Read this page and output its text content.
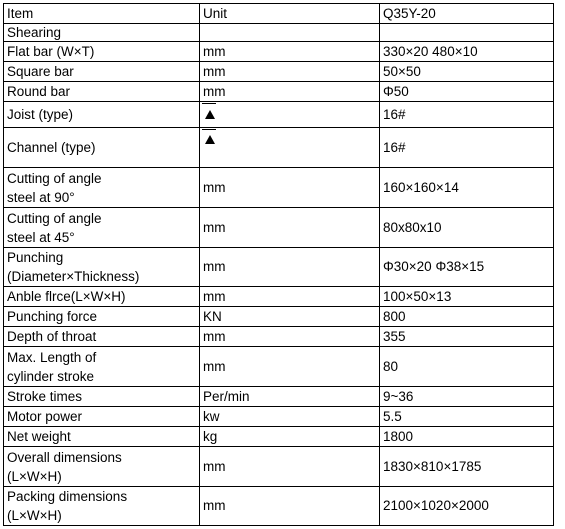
Item	Unit	Q35Y-20

Shearing		

Flat bar (W×T)	mm	330×20 480×10

Square bar	mm	50×50

Round bar	mm	Φ50

Joist (type)		16#

Channel (type)		16#

Cutting of angle
steel at 90°	mm	160×160×14

Cutting of angle
steel at 45°	mm	80x80x10

Punching
(Diameter×Thickness)	mm	Φ30×20 Φ38×15

Anble flrce(L×W×H)	mm	100×50×13

Punching force	KN	800

Depth of throat	mm	355

Max. Length of
cylinder stroke	mm	80

Stroke times	Per/min	9~36

Motor power	kw	5.5

Net weight	kg	1800

Overall dimensions
(L×W×H)	mm	1830×810×1785

Packing dimensions
(L×W×H)	mm	2100×1020×2000
